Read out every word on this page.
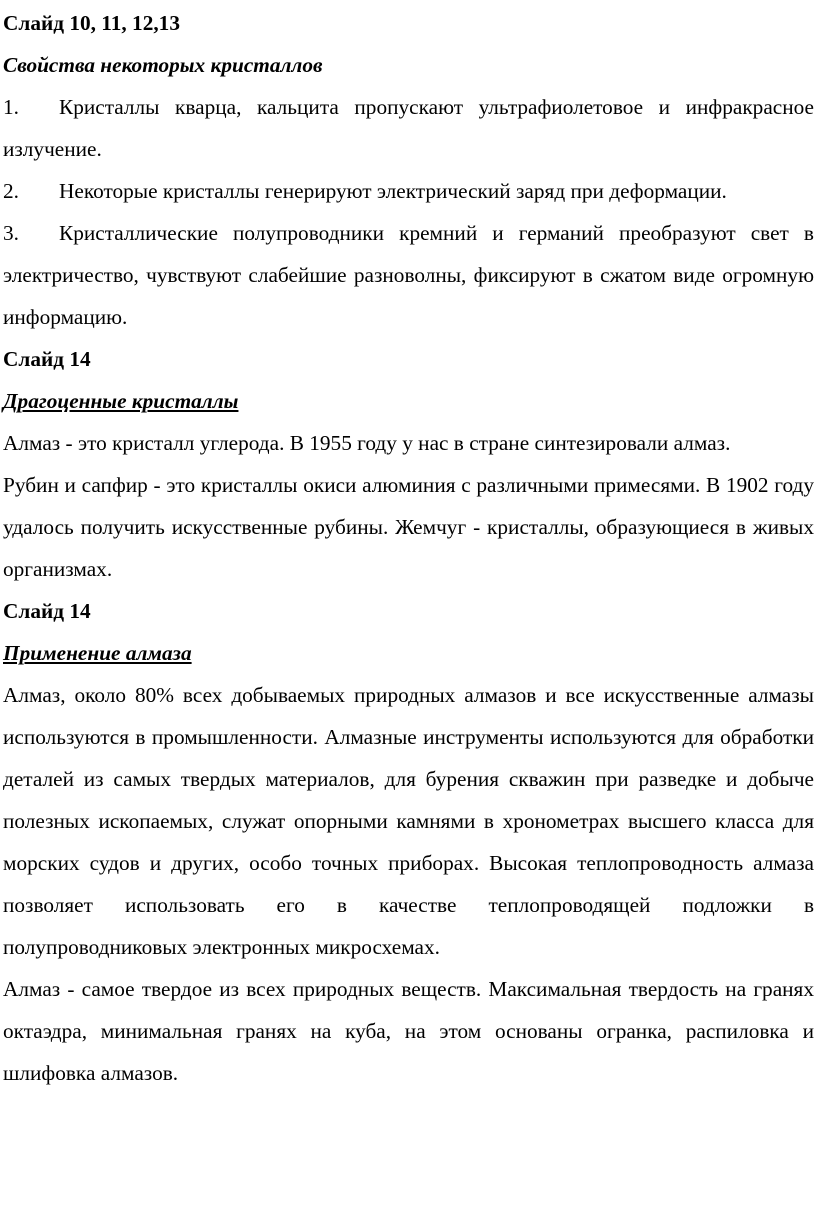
Слайд 10, 11, 12,13

Свойства некоторых кристаллов

1. Кристаллы кварца, кальцита пропускают ультрафиолетовое и инфракрасное излучение.

2. Некоторые кристаллы генерируют электрический заряд при деформации.

3. Кристаллические полупроводники кремний и германий преобразуют свет в электричество, чувствуют слабейшие разноволны, фиксируют в сжатом виде огромную информацию.

Слайд 14

Драгоценные кристаллы

Алмаз - это кристалл углерода. В 1955 году у нас в стране синтезировали алмаз.

Рубин и сапфир - это кристаллы окиси алюминия с различными примесями. В 1902 году удалось получить искусственные рубины. Жемчуг - кристаллы, образующиеся в живых организмах.

Слайд 14

Применение алмаза

Алмаз, около 80% всех добываемых природных алмазов и все искусственные алмазы используются в промышленности. Алмазные инструменты используются для обработки деталей из самых твердых материалов, для бурения скважин при разведке и добыче полезных ископаемых, служат опорными камнями в хронометрах высшего класса для морских судов и других, особо точных приборах. Высокая теплопроводность алмаза позволяет использовать его в качестве теплопроводящей подложки в полупроводниковых электронных микросхемах.

Алмаз - самое твердое из всех природных веществ. Максимальная твердость на гранях октаэдра, минимальная гранях на куба, на этом основаны огранка, распиловка и шлифовка алмазов.
